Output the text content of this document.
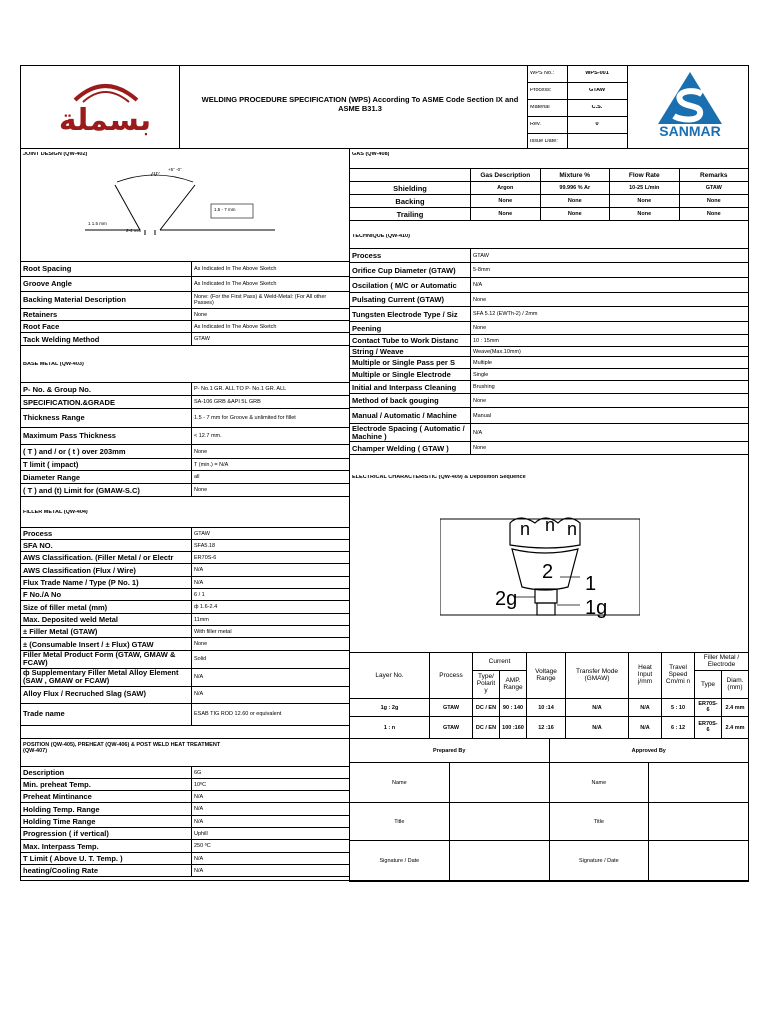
بسملة
WELDING PROCEDURE SPECIFICATION (WPS) According To ASME Code Section IX and ASME B31.3
WPS No.:	WPS-001
Process:	GTAW
Material	C.S.
Rev.	0
Issue Date:
SANMAR
JOINT DESIGN (QW-402)
70°
+5° -0°
1.5 - 7 mm
1 1.5 mm
2-4 mm
Root Spacing	As Indicated In The Above Sketch
Groove Angle	As Indicated In The Above Sketch
Backing Material Description	None: (For the First Pass) & Weld-Metal: (For All other Passes)
Retainers	None
Root Face	As Indicated In The Above Sketch
Tack Welding Method	GTAW
BASE METAL (QW-403)
P- No. & Group No.	P- No.1 GR. ALL TO P- No.1 GR. ALL
SPECIFICATION.&GRADE	SA-106 GRB &API 5L GRB
Thickness Range	1.5 - 7 mm for Groove & unlimited for fillet
Maximum Pass Thickness	< 12.7 mm.
( T ) and / or ( t ) over 203mm	None
T limit ( impact)	T (min.) = N/A
Diameter Range	all
( T ) and (t) Limit for (GMAW-S.C)	None
FILLER METAL (QW-404)
Process	GTAW
SFA NO.	SFA5.18
AWS Classification. (Filler Metal / or Electr	ER70S-6
AWS Classification (Flux / Wire)	N/A
Flux Trade Name / Type (P No. 1)	N/A
F No./A No	6 / 1
Size of filler metal (mm)	ф 1.6-2.4
Max. Deposited weld Metal	11mm
± Filler Metal (GTAW)	With filler metal
± (Consumable Insert / ± Flux) GTAW	None
Filler Metal Product Form (GTAW, GMAW & FCAW)	Solid
ф Supplementary Filler Metal Alloy Element (SAW , GMAW or FCAW)	N/A
Alloy Flux / Recruched Slag (SAW)	N/A
Trade name	ESAB TIG ROD 12.60 or equivalent
POSITION (QW-405), PREHEAT (QW-406) & POST WELD HEAT TREATMENT (QW-407)
Description	6G
Min. preheat Temp.	10ºC
Preheat Mintinance	N/A
Holding Temp. Range	N/A
Holding Time Range	N/A
Progression ( if vertical)	Uphill
Max. Interpass Temp.	250 ºC
T Limit ( Above U. T. Temp. )	N/A
heating/Cooling Rate	N/A
GAS (QW-408)
	Gas Description	Mixture %	Flow Rate	Remarks
Shielding	Argon	99.996 % Ar	10-25 L/min	GTAW
Backing	None	None	None	None
Trailing	None	None	None	None
TECHNIQUE (QW-410)
Process	GTAW
Orifice Cup Diameter (GTAW)	5-8mm
Oscilation ( M/C or Automatic	N/A
Pulsating Current (GTAW)	None
Tungsten Electrode Type / Siz	SFA 5.12 (EWTh-2) / 2mm
Peening	None
Contact Tube to Work Distanc	10 : 15mm
String / Weave	Weave(Max.10mm)
Multiple or Single Pass per S	Multiple
Multiple or Single Electrode	Single
Initial and Interpass Cleaning	Brushing
Method of back gouging	None
Manual / Automatic / Machine	Manual
Electrode Spacing ( Automatic / Machine )	N/A
Champer Welding ( GTAW )	None
ELECTRICAL CHARACTERISTIC (QW-409) & Deposition Sequence
n n n
2
1
2g	1g
Layer No.	Process	Current		Voltage Range	Transfer Mode (GMAW)	Heat Input j/mm	Travel Speed Cm/mi n	Filler Metal / Electrode	
		Type/ Polarit y	AMP. Range					Type	Diam. (mm)
1g : 2g	GTAW	DC / EN	90 : 140	10 :14	N/A	N/A	5 : 10	ER70S- 6	2.4 mm
1 : n	GTAW	DC / EN	100 :160	12 :16	N/A	N/A	6 : 12	ER70S- 6	2.4 mm
Prepared By		Approved By	
Name		Name	
Title		Title	
Signature / Date		Signature / Date	
